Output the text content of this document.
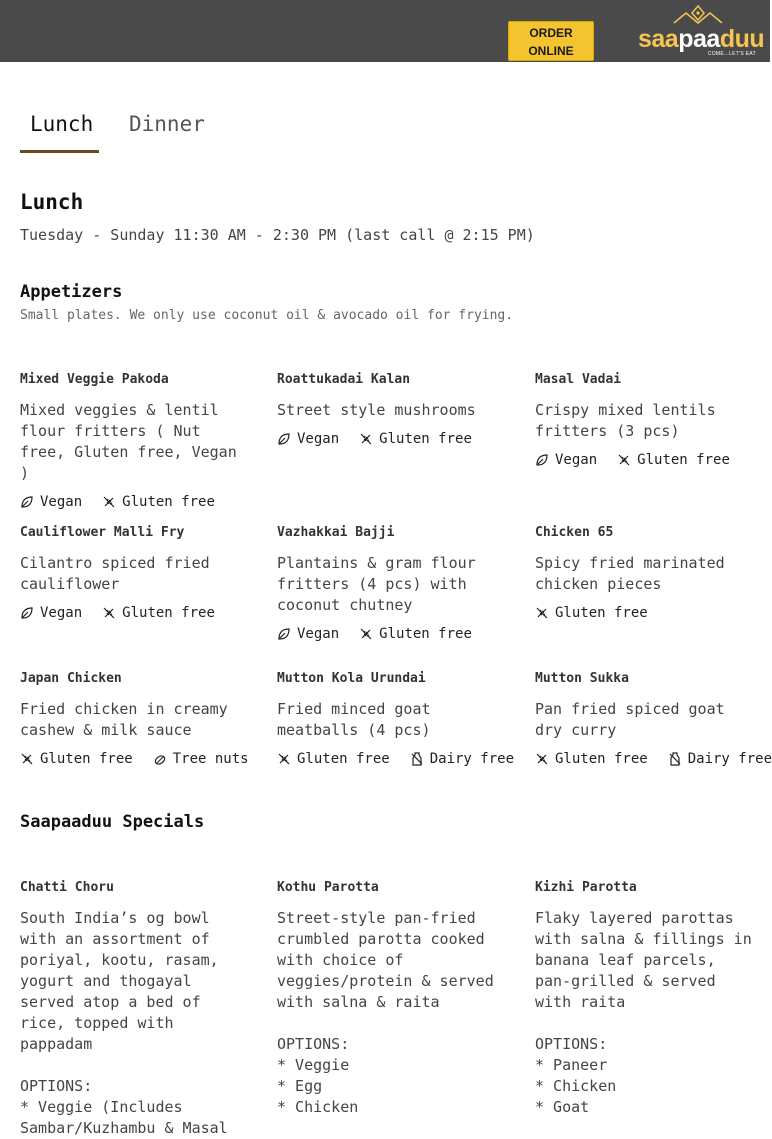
ORDER
ONLINE	saapaaduu
COME...LET'S EAT
Lunch Dinner
Lunch
Tuesday - Sunday 11:30 AM - 2:30 PM (last call @ 2:15 PM)
Appetizers
Small plates. We only use coconut oil & avocado oil for frying.
Saapaaduu Specials
Mixed Veggie Pakoda
Mixed veggies & lentil flour fritters ( Nut free, Gluten free, Vegan )
Vegan	Gluten free
Roattukadai Kalan
Street style mushrooms
Vegan	Gluten free
Masal Vadai
Crispy mixed lentils fritters (3 pcs)
Vegan	Gluten free
Cauliflower Malli Fry
Cilantro spiced fried cauliflower
Vegan	Gluten free
Vazhakkai Bajji
Plantains & gram flour fritters (4 pcs) with coconut chutney
Vegan	Gluten free
Chicken 65
Spicy fried marinated chicken pieces
Gluten free
Japan Chicken
Fried chicken in creamy cashew & milk sauce
Gluten free	Tree nuts
Mutton Kola Urundai
Fried minced goat meatballs (4 pcs)
Gluten free	Dairy free
Mutton Sukka
Pan fried spiced goat dry curry
Gluten free	Dairy free
Chatti Choru
South India’s og bowl with an assortment of poriyal, kootu, rasam, yogurt and thogayal served atop a bed of rice, topped with pappadam

OPTIONS:
* Veggie (Includes Sambar/Kuzhambu & Masal
Kothu Parotta
Street-style pan-fried crumbled parotta cooked with choice of veggies/protein & served with salna & raita

OPTIONS:
* Veggie
* Egg
* Chicken
Kizhi Parotta
Flaky layered parottas with salna & fillings in banana leaf parcels, pan-grilled & served with raita

OPTIONS:
* Paneer
* Chicken
* Goat
